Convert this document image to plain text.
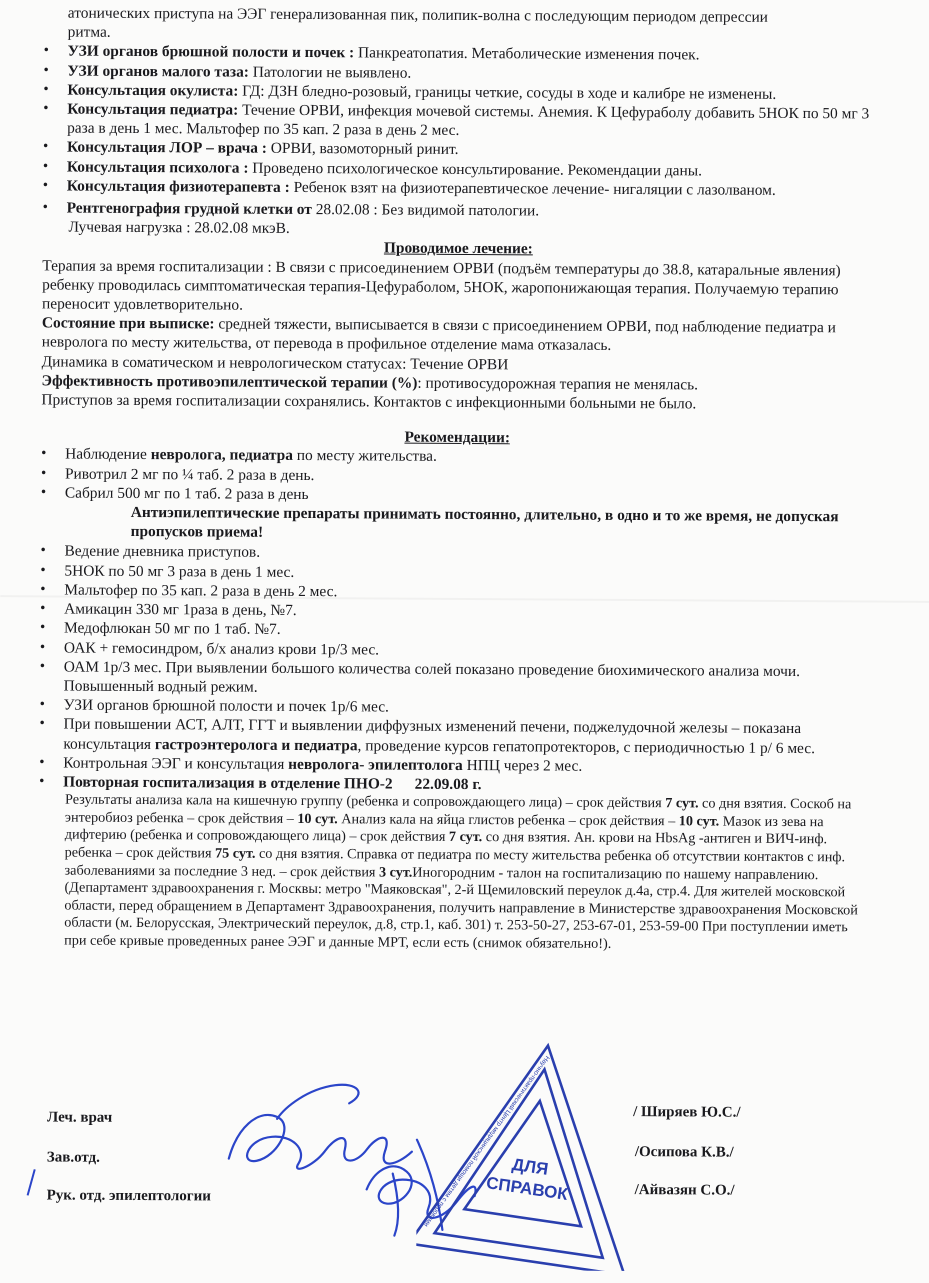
атонических приступа на ЭЭГ генерализованная пик, полипик-волна с последующим периодом депрессии

ритма.

• УЗИ органов брюшной полости и почек : Панкреатопатия. Метаболические изменения почек.
• УЗИ органов малого таза: Патологии не выявлено.
• Консультация окулиста: ГД: ДЗН бледно-розовый, границы четкие, сосуды в ходе и калибре не изменены.
• Консультация педиатра: Течение ОРВИ, инфекция мочевой системы. Анемия. К Цефураболу добавить 5НОК по 50 мг 3 раза в день 1 мес. Мальтофер по 35 кап. 2 раза в день 2 мес.
• Консультация ЛОР – врача : ОРВИ, вазомоторный ринит.
• Консультация психолога : Проведено психологическое консультирование. Рекомендации даны.
• Консультация физиотерапевта : Ребенок взят на физиотерапевтическое лечение- нигаляции с лазолваном.
• Рентгенография грудной клетки от 28.02.08 : Без видимой патологии.

Лучевая нагрузка : 28.02.08 мкэВ.

Проводимое лечение:

Терапия за время госпитализации : В связи с присоединением ОРВИ (подъём температуры до 38.8, катаральные явления) ребенку проводилась симптоматическая терапия-Цефураболом, 5НОК, жаропонижающая терапия. Получаемую терапию переносит удовлетворительно.

Состояние при выписке: средней тяжести, выписывается в связи с присоединением ОРВИ, под наблюдение педиатра и невролога по месту жительства, от перевода в профильное отделение мама отказалась.

Динамика в соматическом и неврологическом статусах: Течение ОРВИ

Эффективность противоэпилептической терапии (%): противосудорожная терапия не менялась.

Приступов за время госпитализации сохранялись. Контактов с инфекционными больными не было.

Рекомендации:

• Наблюдение невролога, педиатра по месту жительства.
• Ривотрил 2 мг по ¼ таб. 2 раза в день.
• Сабрил 500 мг по 1 таб. 2 раза в день

Антиэпилептические препараты принимать постоянно, длительно, в одно и то же время, не допуская пропусков приема!

• Ведение дневника приступов.
• 5НОК по 50 мг 3 раза в день 1 мес.
• Мальтофер по 35 кап. 2 раза в день 2 мес.
• Амикацин 330 мг 1раза в день, №7.
• Медофлюкан 50 мг по 1 таб. №7.
• ОАК + гемосиндром, б/х анализ крови 1р/3 мес.
• ОАМ 1р/3 мес. При выявлении большого количества солей показано проведение биохимического анализа мочи. Повышенный водный режим.
• УЗИ органов брюшной полости и почек 1р/6 мес.
• При повышении АСТ, АЛТ, ГГТ и выявлении диффузных изменений печени, поджелудочной железы – показана консультация гастроэнтеролога и педиатра, проведение курсов гепатопротекторов, с периодичностью 1 р/ 6 мес.
• Контрольная ЭЭГ и консультация невролога- эпилептолога НПЦ через 2 мес.
• Повторная госпитализация в отделение ПНО-2 22.09.08 г.

Результаты анализа кала на кишечную группу (ребенка и сопровождающего лица) – срок действия 7 сут. со дня взятия. Соскоб на энтеробиоз ребенка – срок действия – 10 сут. Анализ кала на яйца глистов ребенка – срок действия – 10 сут. Мазок из зева на дифтерию (ребенка и сопровождающего лица) – срок действия 7 сут. со дня взятия. Ан. крови на HbsAg -антиген и ВИЧ-инф. ребенка – срок действия 75 сут. со дня взятия. Справка от педиатра по месту жительства ребенка об отсутствии контактов с инф. заболеваниями за последние 3 нед. – срок действия 3 сут.Иногородним - талон на госпитализацию по нашему направлению. (Департамент здравоохранения г. Москвы: метро "Маяковская", 2-й Щемиловский переулок д.4а, стр.4. Для жителей московской области, перед обращением в Департамент Здравоохранения, получить направление в Министерстве здравоохранения Московской области (м. Белорусская, Электрический переулок, д.8, стр.1, каб. 301) т. 253-50-27, 253-67-01, 253-59-00 При поступлении иметь при себе кривые проведенных ранее ЭЭГ и данные МРТ, если есть (снимок обязательно!).

Леч. врач	/ Шиpяев Ю.С./
Зав.отд.	/Осипова К.В./
Рук. отд. эпилептологии	/Айвазян С.О./
ДЛЯ
СПРАВОК
Научно-практический Центр медицинской помощи детям с пороками
